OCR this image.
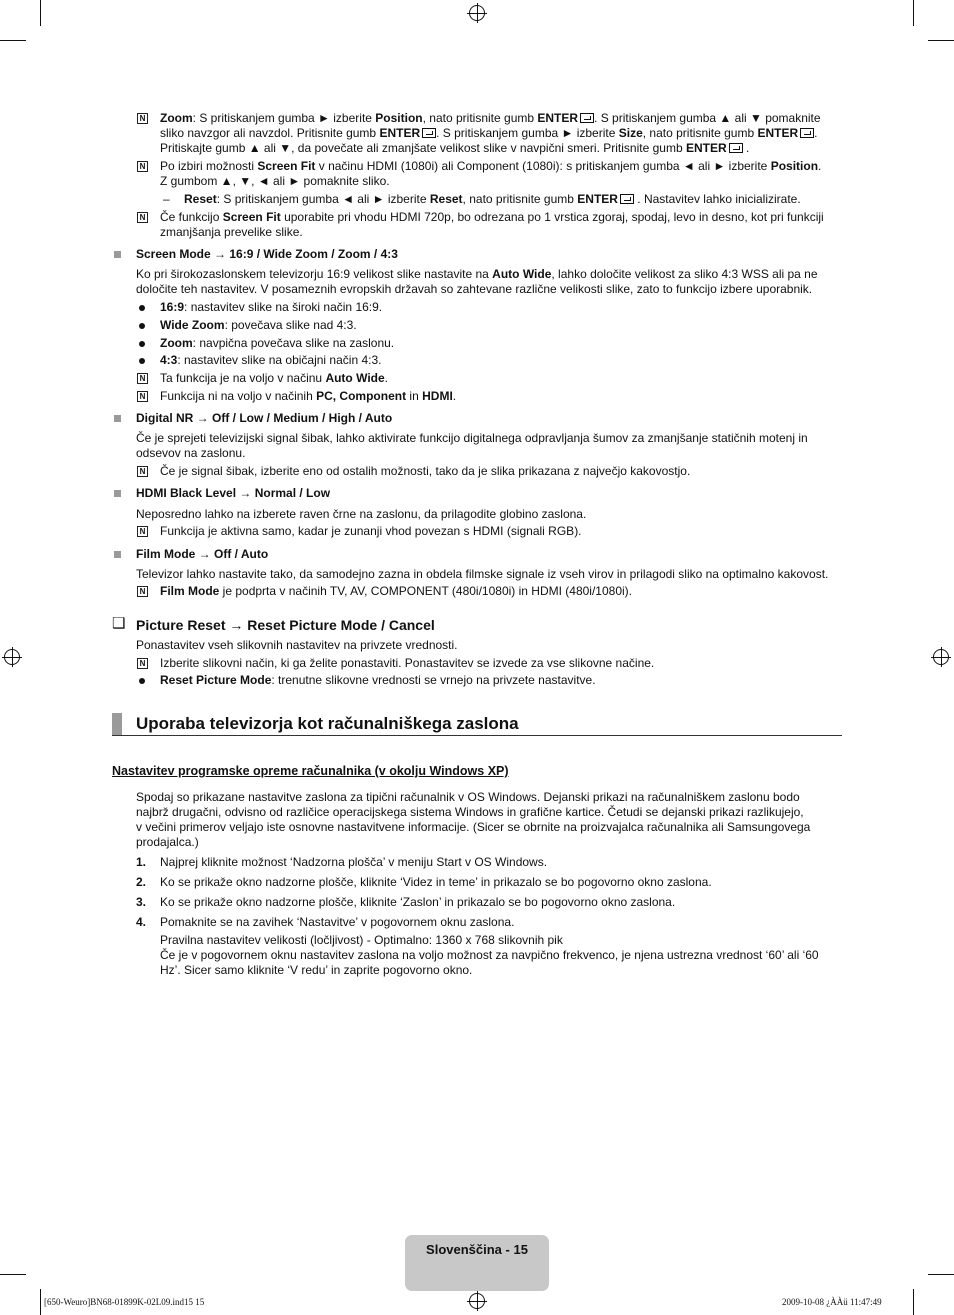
N
Zoom: S pritiskanjem gumba ► izberite Position, nato pritisnite gumb ENTER . S pritiskanjem gumba ▲ ali ▼ pomaknite
sliko navzgor ali navzdol. Pritisnite gumb ENTER . S pritiskanjem gumba ► izberite Size, nato pritisnite gumb ENTER .
Pritiskajte gumb ▲ ali ▼, da povečate ali zmanjšate velikost slike v navpični smeri. Pritisnite gumb ENTER .
N
Po izbiri možnosti Screen Fit v načinu HDMI (1080i) ali Component (1080i): s pritiskanjem gumba ◄ ali ► izberite Position.
Z gumbom ▲, ▼, ◄ ali ► pomaknite sliko.
– Reset: S pritiskanjem gumba ◄ ali ► izberite Reset, nato pritisnite gumb ENTER . Nastavitev lahko inicializirate.
N
Če funkcijo Screen Fit uporabite pri vhodu HDMI 720p, bo odrezana po 1 vrstica zgoraj, spodaj, levo in desno, kot pri funkciji
zmanjšanja prevelike slike.
Screen Mode → 16:9 / Wide Zoom / Zoom / 4:3
Ko pri širokozaslonskem televizorju 16:9 velikost slike nastavite na Auto Wide, lahko določite velikost za sliko 4:3 WSS ali pa ne
določite teh nastavitev. V posameznih evropskih državah so zahtevane različne velikosti slike, zato to funkcijo izbere uporabnik.
16:9: nastavitev slike na široki način 16:9.
Wide Zoom: povečava slike nad 4:3.
Zoom: navpična povečava slike na zaslonu.
4:3: nastavitev slike na običajni način 4:3.
N
Ta funkcija je na voljo v načinu Auto Wide.
N
Funkcija ni na voljo v načinih PC, Component in HDMI.
Digital NR → Off / Low / Medium / High / Auto
Če je sprejeti televizijski signal šibak, lahko aktivirate funkcijo digitalnega odpravljanja šumov za zmanjšanje statičnih motenj in
odsevov na zaslonu.
N
Če je signal šibak, izberite eno od ostalih možnosti, tako da je slika prikazana z največjo kakovostjo.
HDMI Black Level → Normal / Low
Neposredno lahko na izberete raven črne na zaslonu, da prilagodite globino zaslona.
N
Funkcija je aktivna samo, kadar je zunanji vhod povezan s HDMI (signali RGB).
Film Mode → Off / Auto
Televizor lahko nastavite tako, da samodejno zazna in obdela filmske signale iz vseh virov in prilagodi sliko na optimalno kakovost.
N
Film Mode je podprta v načinih TV, AV, COMPONENT (480i/1080i) in HDMI (480i/1080i).
❑ Picture Reset → Reset Picture Mode / Cancel
Ponastavitev vseh slikovnih nastavitev na privzete vrednosti.
N
Izberite slikovni način, ki ga želite ponastaviti. Ponastavitev se izvede za vse slikovne načine.
Reset Picture Mode: trenutne slikovne vrednosti se vrnejo na privzete nastavitve.
Uporaba televizorja kot računalniškega zaslona
Nastavitev programske opreme računalnika (v okolju Windows XP)
Spodaj so prikazane nastavitve zaslona za tipični računalnik v OS Windows. Dejanski prikazi na računalniškem zaslonu bodo
najbrž drugačni, odvisno od različice operacijskega sistema Windows in grafične kartice. Četudi se dejanski prikazi razlikujejo,
v večini primerov veljajo iste osnovne nastavitvene informacije. (Sicer se obrnite na proizvajalca računalnika ali Samsungovega
prodajalca.)
1. Najprej kliknite možnost ‘Nadzorna plošča’ v meniju Start v OS Windows.
2. Ko se prikaže okno nadzorne plošče, kliknite ‘Videz in teme’ in prikazalo se bo pogovorno okno zaslona.
3. Ko se prikaže okno nadzorne plošče, kliknite ‘Zaslon’ in prikazalo se bo pogovorno okno zaslona.
4. Pomaknite se na zavihek ‘Nastavitve’ v pogovornem oknu zaslona.
Pravilna nastavitev velikosti (ločljivost) - Optimalno: 1360 x 768 slikovnih pik
Če je v pogovornem oknu nastavitev zaslona na voljo možnost za navpično frekvenco, je njena ustrezna vrednost ‘60’ ali ‘60
Hz’. Sicer samo kliknite ‘V redu’ in zaprite pogovorno okno.
Slovenščina - 15
[650-Weuro]BN68-01899K-02L09.ind15 15	2009-10-08 ¿ÀÀü 11:47:49
